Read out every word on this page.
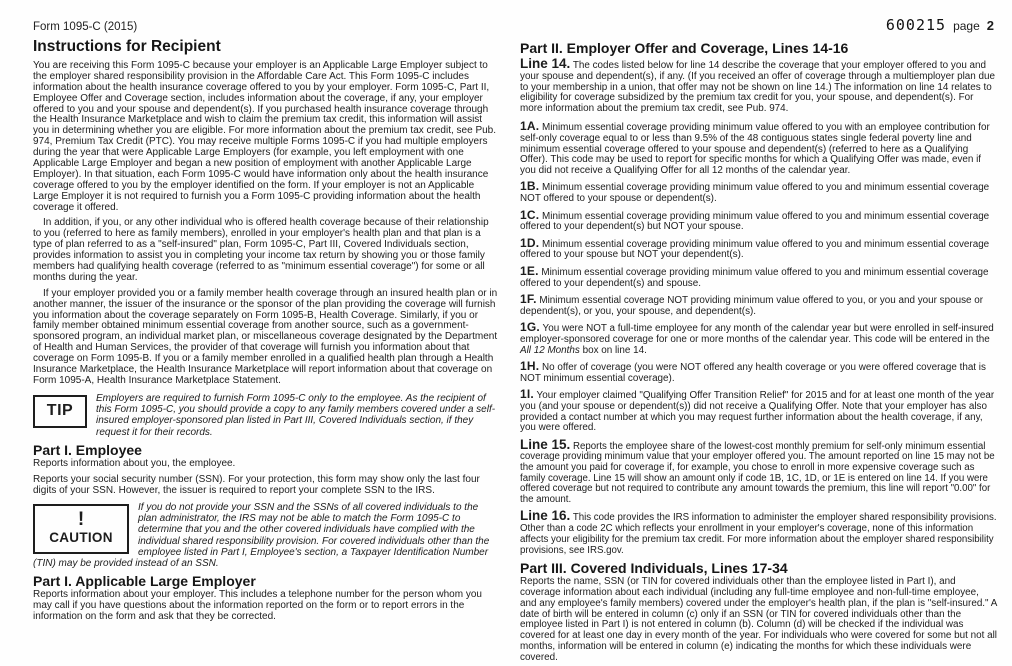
Form 1095-C (2015)	600215 page 2
Instructions for Recipient

You are receiving this Form 1095-C because your employer is an Applicable Large Employer subject to the employer shared responsibility provision in the Affordable Care Act. This Form 1095-C includes information about the health insurance coverage offered to you by your employer. Form 1095-C, Part II, Employee Offer and Coverage section, includes information about the coverage, if any, your employer offered to you and your spouse and dependent(s). If you purchased health insurance coverage through the Health Insurance Marketplace and wish to claim the premium tax credit, this information will assist you in determining whether you are eligible. For more information about the premium tax credit, see Pub. 974, Premium Tax Credit (PTC). You may receive multiple Forms 1095-C if you had multiple employers during the year that were Applicable Large Employers (for example, you left employment with one Applicable Large Employer and began a new position of employment with another Applicable Large Employer). In that situation, each Form 1095-C would have information only about the health insurance coverage offered to you by the employer identified on the form. If your employer is not an Applicable Large Employer it is not required to furnish you a Form 1095-C providing information about the health coverage it offered.

In addition, if you, or any other individual who is offered health coverage because of their relationship to you (referred to here as family members), enrolled in your employer's health plan and that plan is a type of plan referred to as a "self-insured" plan, Form 1095-C, Part III, Covered Individuals section, provides information to assist you in completing your income tax return by showing you or those family members had qualifying health coverage (referred to as "minimum essential coverage") for some or all months during the year.

If your employer provided you or a family member health coverage through an insured health plan or in another manner, the issuer of the insurance or the sponsor of the plan providing the coverage will furnish you information about the coverage separately on Form 1095-B, Health Coverage. Similarly, if you or family member obtained minimum essential coverage from another source, such as a government-sponsored program, an individual market plan, or miscellaneous coverage designated by the Department of Health and Human Services, the provider of that coverage will furnish you information about that coverage on Form 1095-B. If you or a family member enrolled in a qualified health plan through a Health Insurance Marketplace, the Health Insurance Marketplace will report information about that coverage on Form 1095-A, Health Insurance Marketplace Statement.

TIP
Employers are required to furnish Form 1095-C only to the employee. As the recipient of this Form 1095-C, you should provide a copy to any family members covered under a self-insured employer-sponsored plan listed in Part III, Covered Individuals section, if they request it for their records.
Part I. Employee

Reports information about you, the employee.

Reports your social security number (SSN). For your protection, this form may show only the last four digits of your SSN. However, the issuer is required to report your complete SSN to the IRS.

!
CAUTION
If you do not provide your SSN and the SSNs of all covered individuals to the plan administrator, the IRS may not be able to match the Form 1095-C to determine that you and the other covered individuals have complied with the individual shared responsibility provision. For covered individuals other than the employee listed in Part I, Employee's section, a Taxpayer Identification Number (TIN) may be provided instead of an SSN.
Part I. Applicable Large Employer

Reports information about your employer. This includes a telephone number for the person whom you may call if you have questions about the information reported on the form or to report errors in the information on the form and ask that they be corrected.

Part II. Employer Offer and Coverage, Lines 14-16

Line 14. The codes listed below for line 14 describe the coverage that your employer offered to you and your spouse and dependent(s), if any. (If you received an offer of coverage through a multiemployer plan due to your membership in a union, that offer may not be shown on line 14.) The information on line 14 relates to eligibility for coverage subsidized by the premium tax credit for you, your spouse, and dependent(s). For more information about the premium tax credit, see Pub. 974.

1A. Minimum essential coverage providing minimum value offered to you with an employee contribution for self-only coverage equal to or less than 9.5% of the 48 contiguous states single federal poverty line and minimum essential coverage offered to your spouse and dependent(s) (referred to here as a Qualifying Offer). This code may be used to report for specific months for which a Qualifying Offer was made, even if you did not receive a Qualifying Offer for all 12 months of the calendar year.

1B. Minimum essential coverage providing minimum value offered to you and minimum essential coverage NOT offered to your spouse or dependent(s).

1C. Minimum essential coverage providing minimum value offered to you and minimum essential coverage offered to your dependent(s) but NOT your spouse.

1D. Minimum essential coverage providing minimum value offered to you and minimum essential coverage offered to your spouse but NOT your dependent(s).

1E. Minimum essential coverage providing minimum value offered to you and minimum essential coverage offered to your dependent(s) and spouse.

1F. Minimum essential coverage NOT providing minimum value offered to you, or you and your spouse or dependent(s), or you, your spouse, and dependent(s).

1G. You were NOT a full-time employee for any month of the calendar year but were enrolled in self-insured employer-sponsored coverage for one or more months of the calendar year. This code will be entered in the All 12 Months box on line 14.

1H. No offer of coverage (you were NOT offered any health coverage or you were offered coverage that is NOT minimum essential coverage).

1I. Your employer claimed "Qualifying Offer Transition Relief" for 2015 and for at least one month of the year you (and your spouse or dependent(s)) did not receive a Qualifying Offer. Note that your employer has also provided a contact number at which you may request further information about the health coverage, if any, you were offered.

Line 15. Reports the employee share of the lowest-cost monthly premium for self-only minimum essential coverage providing minimum value that your employer offered you. The amount reported on line 15 may not be the amount you paid for coverage if, for example, you chose to enroll in more expensive coverage such as family coverage. Line 15 will show an amount only if code 1B, 1C, 1D, or 1E is entered on line 14. If you were offered coverage but not required to contribute any amount towards the premium, this line will report "0.00" for the amount.

Line 16. This code provides the IRS information to administer the employer shared responsibility provisions. Other than a code 2C which reflects your enrollment in your employer's coverage, none of this information affects your eligibility for the premium tax credit. For more information about the employer shared responsibility provisions, see IRS.gov.

Part III. Covered Individuals, Lines 17-34

Reports the name, SSN (or TIN for covered individuals other than the employee listed in Part I), and coverage information about each individual (including any full-time employee and non-full-time employee, and any employee's family members) covered under the employer's health plan, if the plan is "self-insured." A date of birth will be entered in column (c) only if an SSN (or TIN for covered individuals other than the employee listed in Part I) is not entered in column (b). Column (d) will be checked if the individual was covered for at least one day in every month of the year. For individuals who were covered for some but not all months, information will be entered in column (e) indicating the months for which these individuals were covered.
